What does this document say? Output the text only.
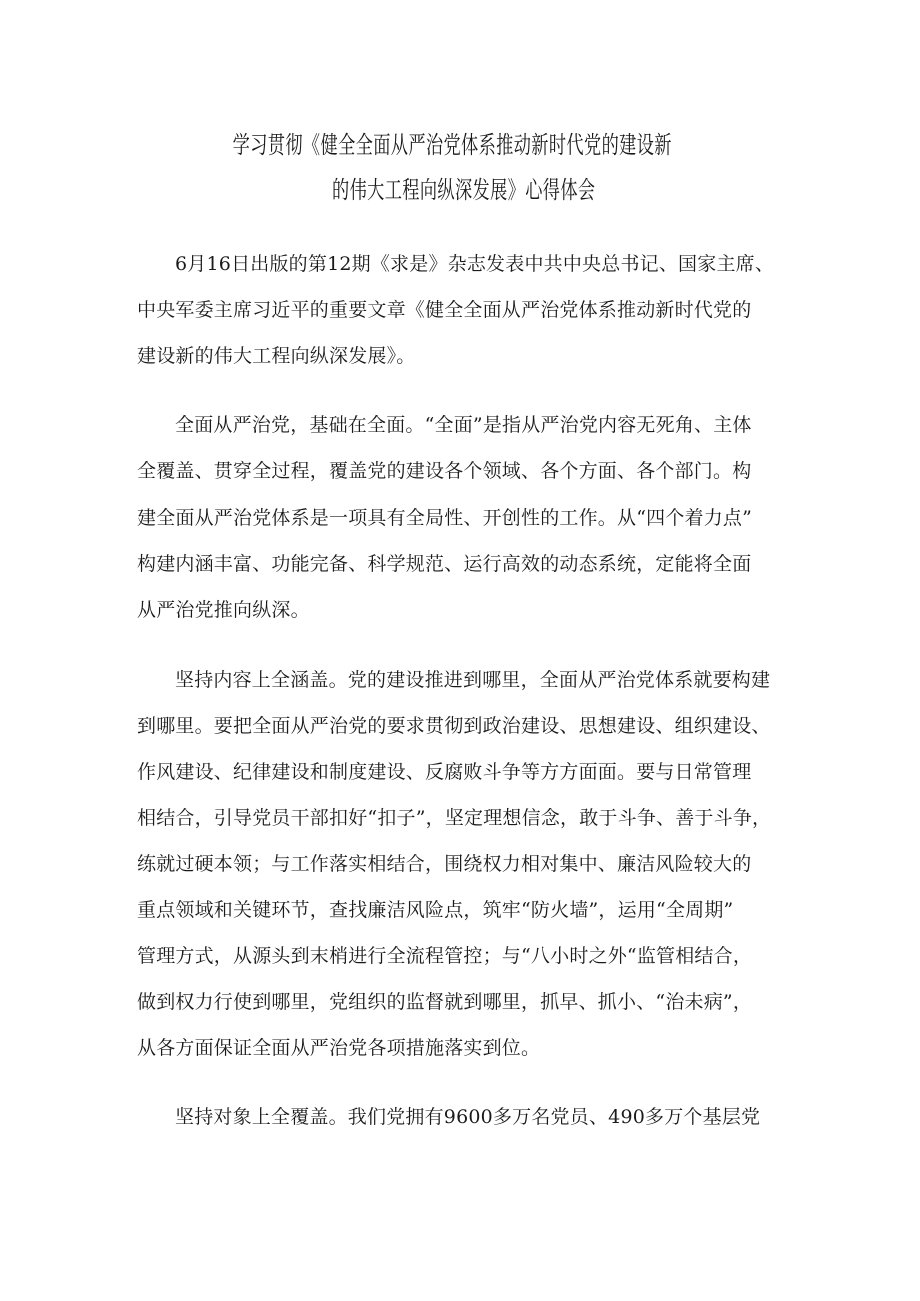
学习贯彻《健全全面从严治党体系推动新时代党的建设新
的伟大工程向纵深发展》心得体会
6月16日出版的第12期《求是》杂志发表中共中央总书记、国家主席、
中央军委主席习近平的重要文章《健全全面从严治党体系推动新时代党的
建设新的伟大工程向纵深发展》。
全面从严治党，基础在全面。“全面”是指从严治党内容无死角、主体
全覆盖、贯穿全过程，覆盖党的建设各个领域、各个方面、各个部门。构
建全面从严治党体系是一项具有全局性、开创性的工作。从“四个着力点”
构建内涵丰富、功能完备、科学规范、运行高效的动态系统，定能将全面
从严治党推向纵深。
坚持内容上全涵盖。党的建设推进到哪里，全面从严治党体系就要构建
到哪里。要把全面从严治党的要求贯彻到政治建设、思想建设、组织建设、
作风建设、纪律建设和制度建设、反腐败斗争等方方面面。要与日常管理
相结合，引导党员干部扣好“扣子”，坚定理想信念，敢于斗争、善于斗争，
练就过硬本领；与工作落实相结合，围绕权力相对集中、廉洁风险较大的
重点领域和关键环节，查找廉洁风险点，筑牢“防火墙”，运用“全周期”
管理方式，从源头到末梢进行全流程管控；与“八小时之外“监管相结合，
做到权力行使到哪里，党组织的监督就到哪里，抓早、抓小、“治未病”，
从各方面保证全面从严治党各项措施落实到位。
坚持对象上全覆盖。我们党拥有9600多万名党员、490多万个基层党
